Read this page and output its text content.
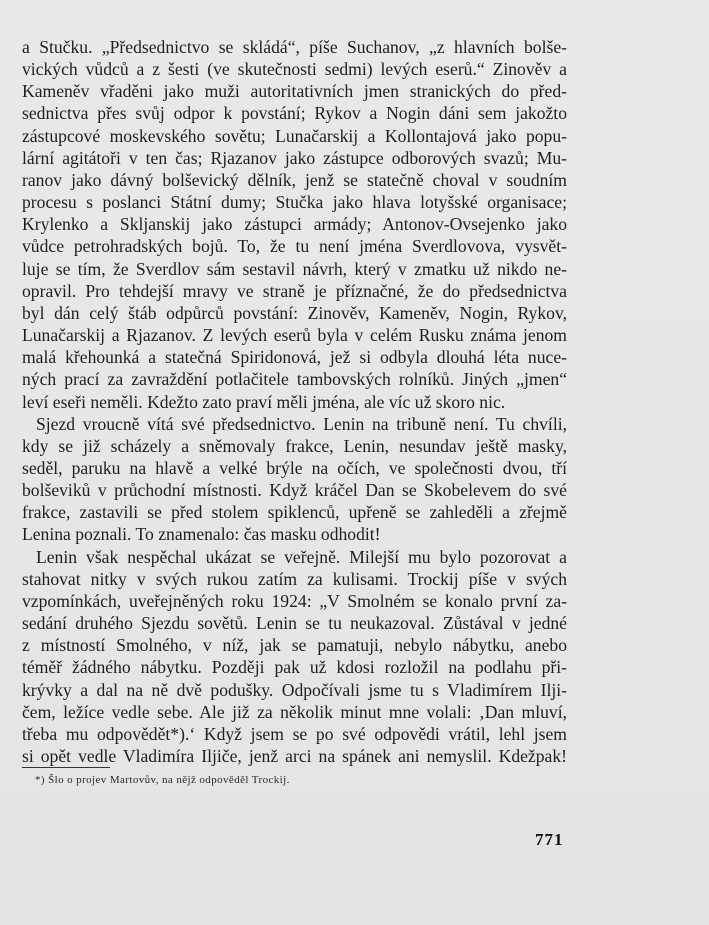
a Stučku. „Předsednictvo se skládá“, píše Suchanov, „z hlavních bolše-
vických vůdců a z šesti (ve skutečnosti sedmi) levých eserů.“ Zinověv a
Kameněv vřaděni jako muži autoritativních jmen stranických do před-
sednictva přes svůj odpor k povstání; Rykov a Nogin dáni sem jakožto
zástupcové moskevského sovětu; Lunačarskij a Kollontajová jako popu-
lární agitátoři v ten čas; Rjazanov jako zástupce odborových svazů; Mu-
ranov jako dávný bolševický dělník, jenž se statečně choval v soudním
procesu s poslanci Státní dumy; Stučka jako hlava lotyšské organisace;
Krylenko a Skljanskij jako zástupci armády; Antonov-Ovsejenko jako
vůdce petrohradských bojů. To, že tu není jména Sverdlovova, vysvět-
luje se tím, že Sverdlov sám sestavil návrh, který v zmatku už nikdo ne-
opravil. Pro tehdejší mravy ve straně je příznačné, že do předsednictva
byl dán celý štáb odpůrců povstání: Zinověv, Kameněv, Nogin, Rykov,
Lunačarskij a Rjazanov. Z levých eserů byla v celém Rusku známa jenom
malá křehounká a statečná Spiridonová, jež si odbyla dlouhá léta nuce-
ných prací za zavraždění potlačitele tambovských rolníků. Jiných „jmen“
leví eseři neměli. Kdežto zato praví měli jména, ale víc už skoro nic.

Sjezd vroucně vítá své předsednictvo. Lenin na tribuně není. Tu chvíli,
kdy se již scházely a sněmovaly frakce, Lenin, nesundav ještě masky,
seděl, paruku na hlavě a velké brýle na očích, ve společnosti dvou, tří
bolševiků v průchodní místnosti. Když kráčel Dan se Skobelevem do své
frakce, zastavili se před stolem spiklenců, upřeně se zahleděli a zřejmě
Lenina poznali. To znamenalo: čas masku odhodit!

Lenin však nespěchal ukázat se veřejně. Milejší mu bylo pozorovat a
stahovat nitky v svých rukou zatím za kulisami. Trockij píše v svých
vzpomínkách, uveřejněných roku 1924: „V Smolném se konalo první za-
sedání druhého Sjezdu sovětů. Lenin se tu neukazoval. Zůstával v jedné
z místností Smolného, v níž, jak se pamatuji, nebylo nábytku, anebo
téměř žádného nábytku. Později pak už kdosi rozložil na podlahu při-
krývky a dal na ně dvě podušky. Odpočívali jsme tu s Vladimírem Ilji-
čem, ležíce vedle sebe. Ale již za několik minut mne volali: ‚Dan mluví,
třeba mu odpovědět*).‘ Když jsem se po své odpovědi vrátil, lehl jsem
si opět vedle Vladimíra Iljiče, jenž arci na spánek ani nemyslil. Kdežpak!

*) Šlo o projev Martovův, na nějž odpověděl Trockij.
771
